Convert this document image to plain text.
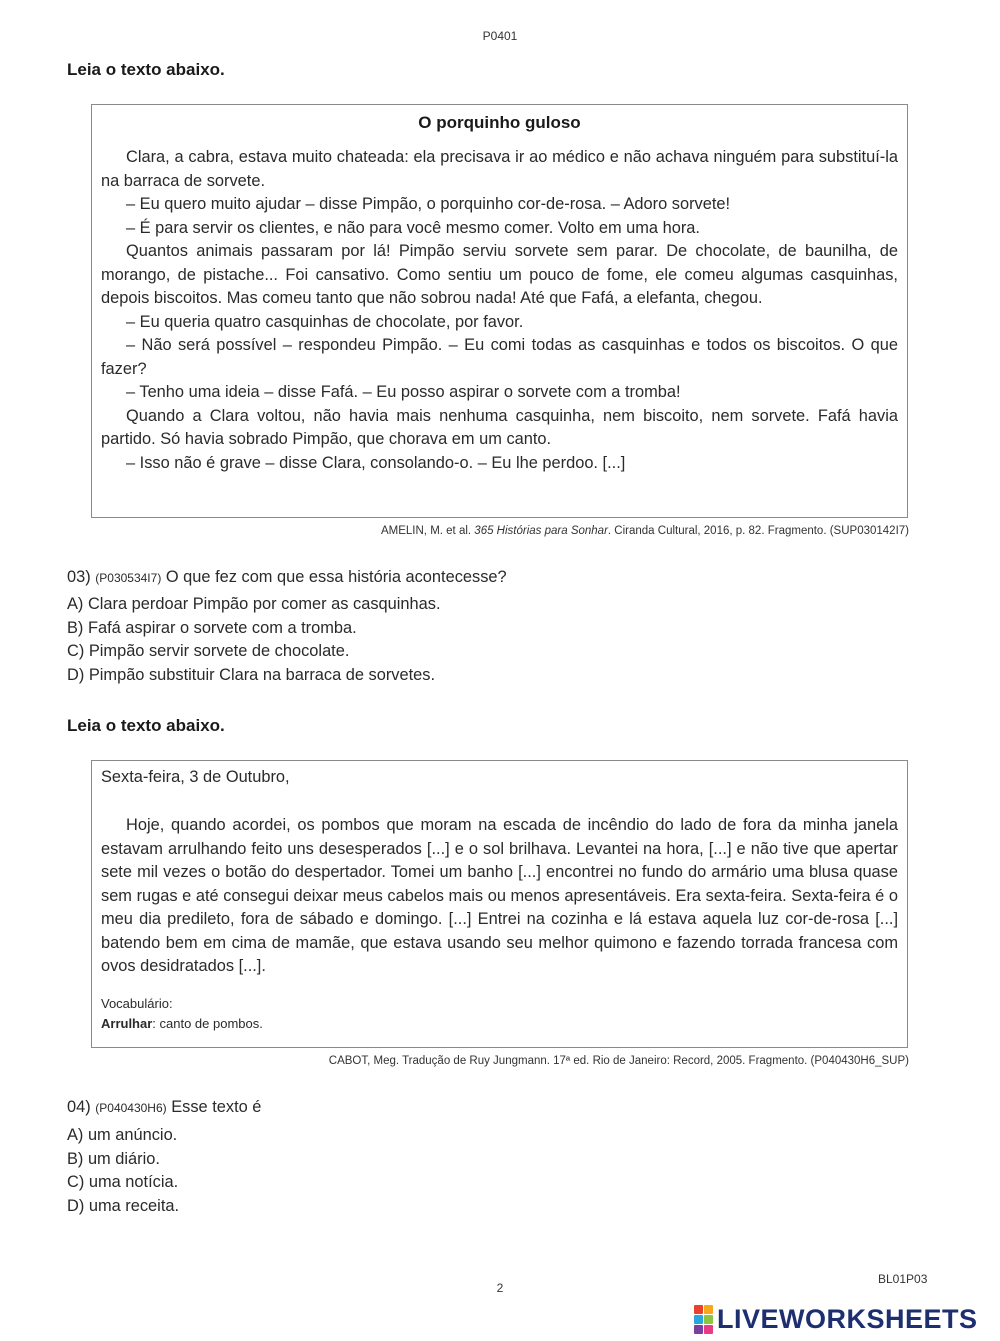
P0401
Leia o texto abaixo.
O porquinho guloso

Clara, a cabra, estava muito chateada: ela precisava ir ao médico e não achava ninguém para substituí-la na barraca de sorvete.

– Eu quero muito ajudar – disse Pimpão, o porquinho cor-de-rosa. – Adoro sorvete!

– É para servir os clientes, e não para você mesmo comer. Volto em uma hora.

Quantos animais passaram por lá! Pimpão serviu sorvete sem parar. De chocolate, de baunilha, de morango, de pistache... Foi cansativo. Como sentiu um pouco de fome, ele comeu algumas casquinhas, depois biscoitos. Mas comeu tanto que não sobrou nada! Até que Fafá, a elefanta, chegou.

– Eu queria quatro casquinhas de chocolate, por favor.

– Não será possível – respondeu Pimpão. – Eu comi todas as casquinhas e todos os biscoitos. O que fazer?

– Tenho uma ideia – disse Fafá. – Eu posso aspirar o sorvete com a tromba!

Quando a Clara voltou, não havia mais nenhuma casquinha, nem biscoito, nem sorvete. Fafá havia partido. Só havia sobrado Pimpão, que chorava em um canto.

– Isso não é grave – disse Clara, consolando-o. – Eu lhe perdoo. [...]

AMELIN, M. et al. 365 Histórias para Sonhar. Ciranda Cultural, 2016, p. 82. Fragmento. (SUP030142I7)
03) (P030534I7) O que fez com que essa história acontecesse?
A) Clara perdoar Pimpão por comer as casquinhas.
B) Fafá aspirar o sorvete com a tromba.
C) Pimpão servir sorvete de chocolate.
D) Pimpão substituir Clara na barraca de sorvetes.
Leia o texto abaixo.
Sexta-feira, 3 de Outubro,

Hoje, quando acordei, os pombos que moram na escada de incêndio do lado de fora da minha janela estavam arrulhando feito uns desesperados [...] e o sol brilhava. Levantei na hora, [...] e não tive que apertar sete mil vezes o botão do despertador. Tomei um banho [...] encontrei no fundo do armário uma blusa quase sem rugas e até consegui deixar meus cabelos mais ou menos apresentáveis. Era sexta-feira. Sexta-feira é o meu dia predileto, fora de sábado e domingo. [...] Entrei na cozinha e lá estava aquela luz cor-de-rosa [...] batendo bem em cima de mamãe, que estava usando seu melhor quimono e fazendo torrada francesa com ovos desidratados [...].

Vocabulário:
Arrulhar: canto de pombos.
CABOT, Meg. Tradução de Ruy Jungmann. 17ª ed. Rio de Janeiro: Record, 2005. Fragmento. (P040430H6_SUP)
04) (P040430H6) Esse texto é
A) um anúncio.
B) um diário.
C) uma notícia.
D) uma receita.
2
BL01P03
LIVEWORKSHEETS
